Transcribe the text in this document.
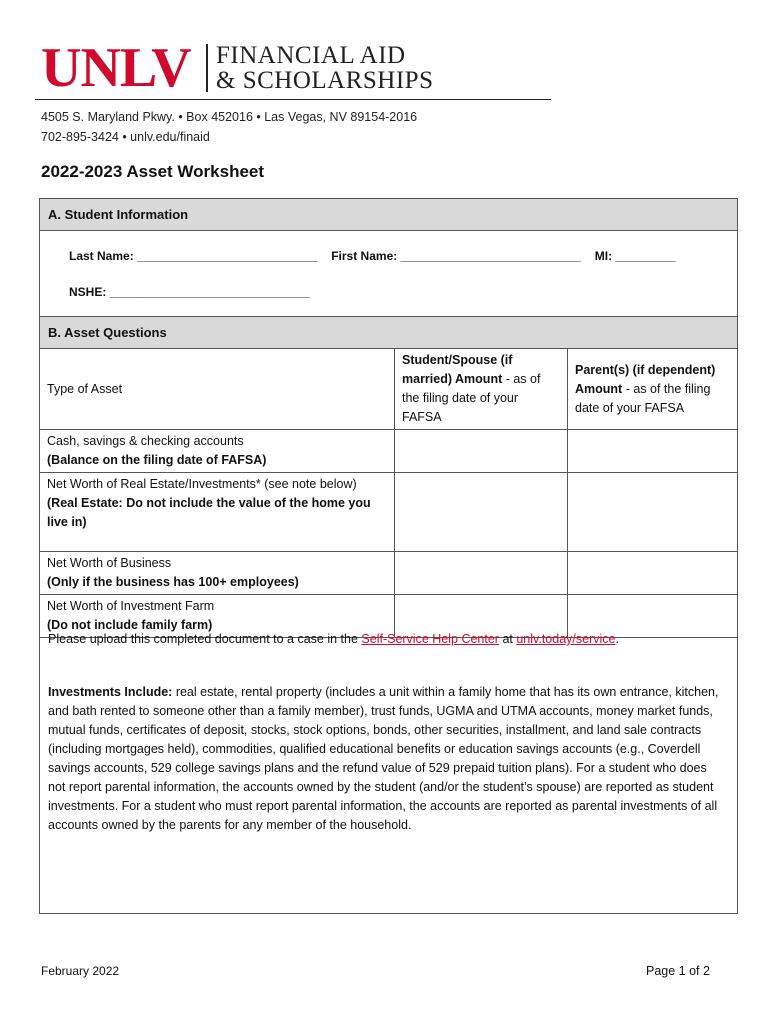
UNLV FINANCIAL AID
& SCHOLARSHIPS
4505 S. Maryland Pkwy. • Box 452016 • Las Vegas, NV 89154-2016
702-895-3424 • unlv.edu/finaid
2022-2023 Asset Worksheet
A. Student Information
Last Name: ___________________________ First Name: ___________________________ MI: _________
NSHE: ______________________________
B. Asset Questions
Type of Asset	Student/Spouse (if married) Amount - as of the filing date of your FAFSA	Parent(s) (if dependent) Amount - as of the filing date of your FAFSA
Cash, savings & checking accounts
(Balance on the filing date of FAFSA)		
Net Worth of Real Estate/Investments* (see note below)
(Real Estate: Do not include the value of the home you live in)		
Net Worth of Business
(Only if the business has 100+ employees)		
Net Worth of Investment Farm
(Do not include family farm)		
Please upload this completed document to a case in the Self-Service Help Center at unlv.today/service.
Investments Include: real estate, rental property (includes a unit within a family home that has its own entrance, kitchen, and bath rented to someone other than a family member), trust funds, UGMA and UTMA accounts, money market funds, mutual funds, certificates of deposit, stocks, stock options, bonds, other securities, installment, and land sale contracts (including mortgages held), commodities, qualified educational benefits or education savings accounts (e.g., Coverdell savings accounts, 529 college savings plans and the refund value of 529 prepaid tuition plans). For a student who does not report parental information, the accounts owned by the student (and/or the student’s spouse) are reported as student investments. For a student who must report parental information, the accounts are reported as parental investments of all accounts owned by the parents for any member of the household.
February 2022	Page 1 of 2
